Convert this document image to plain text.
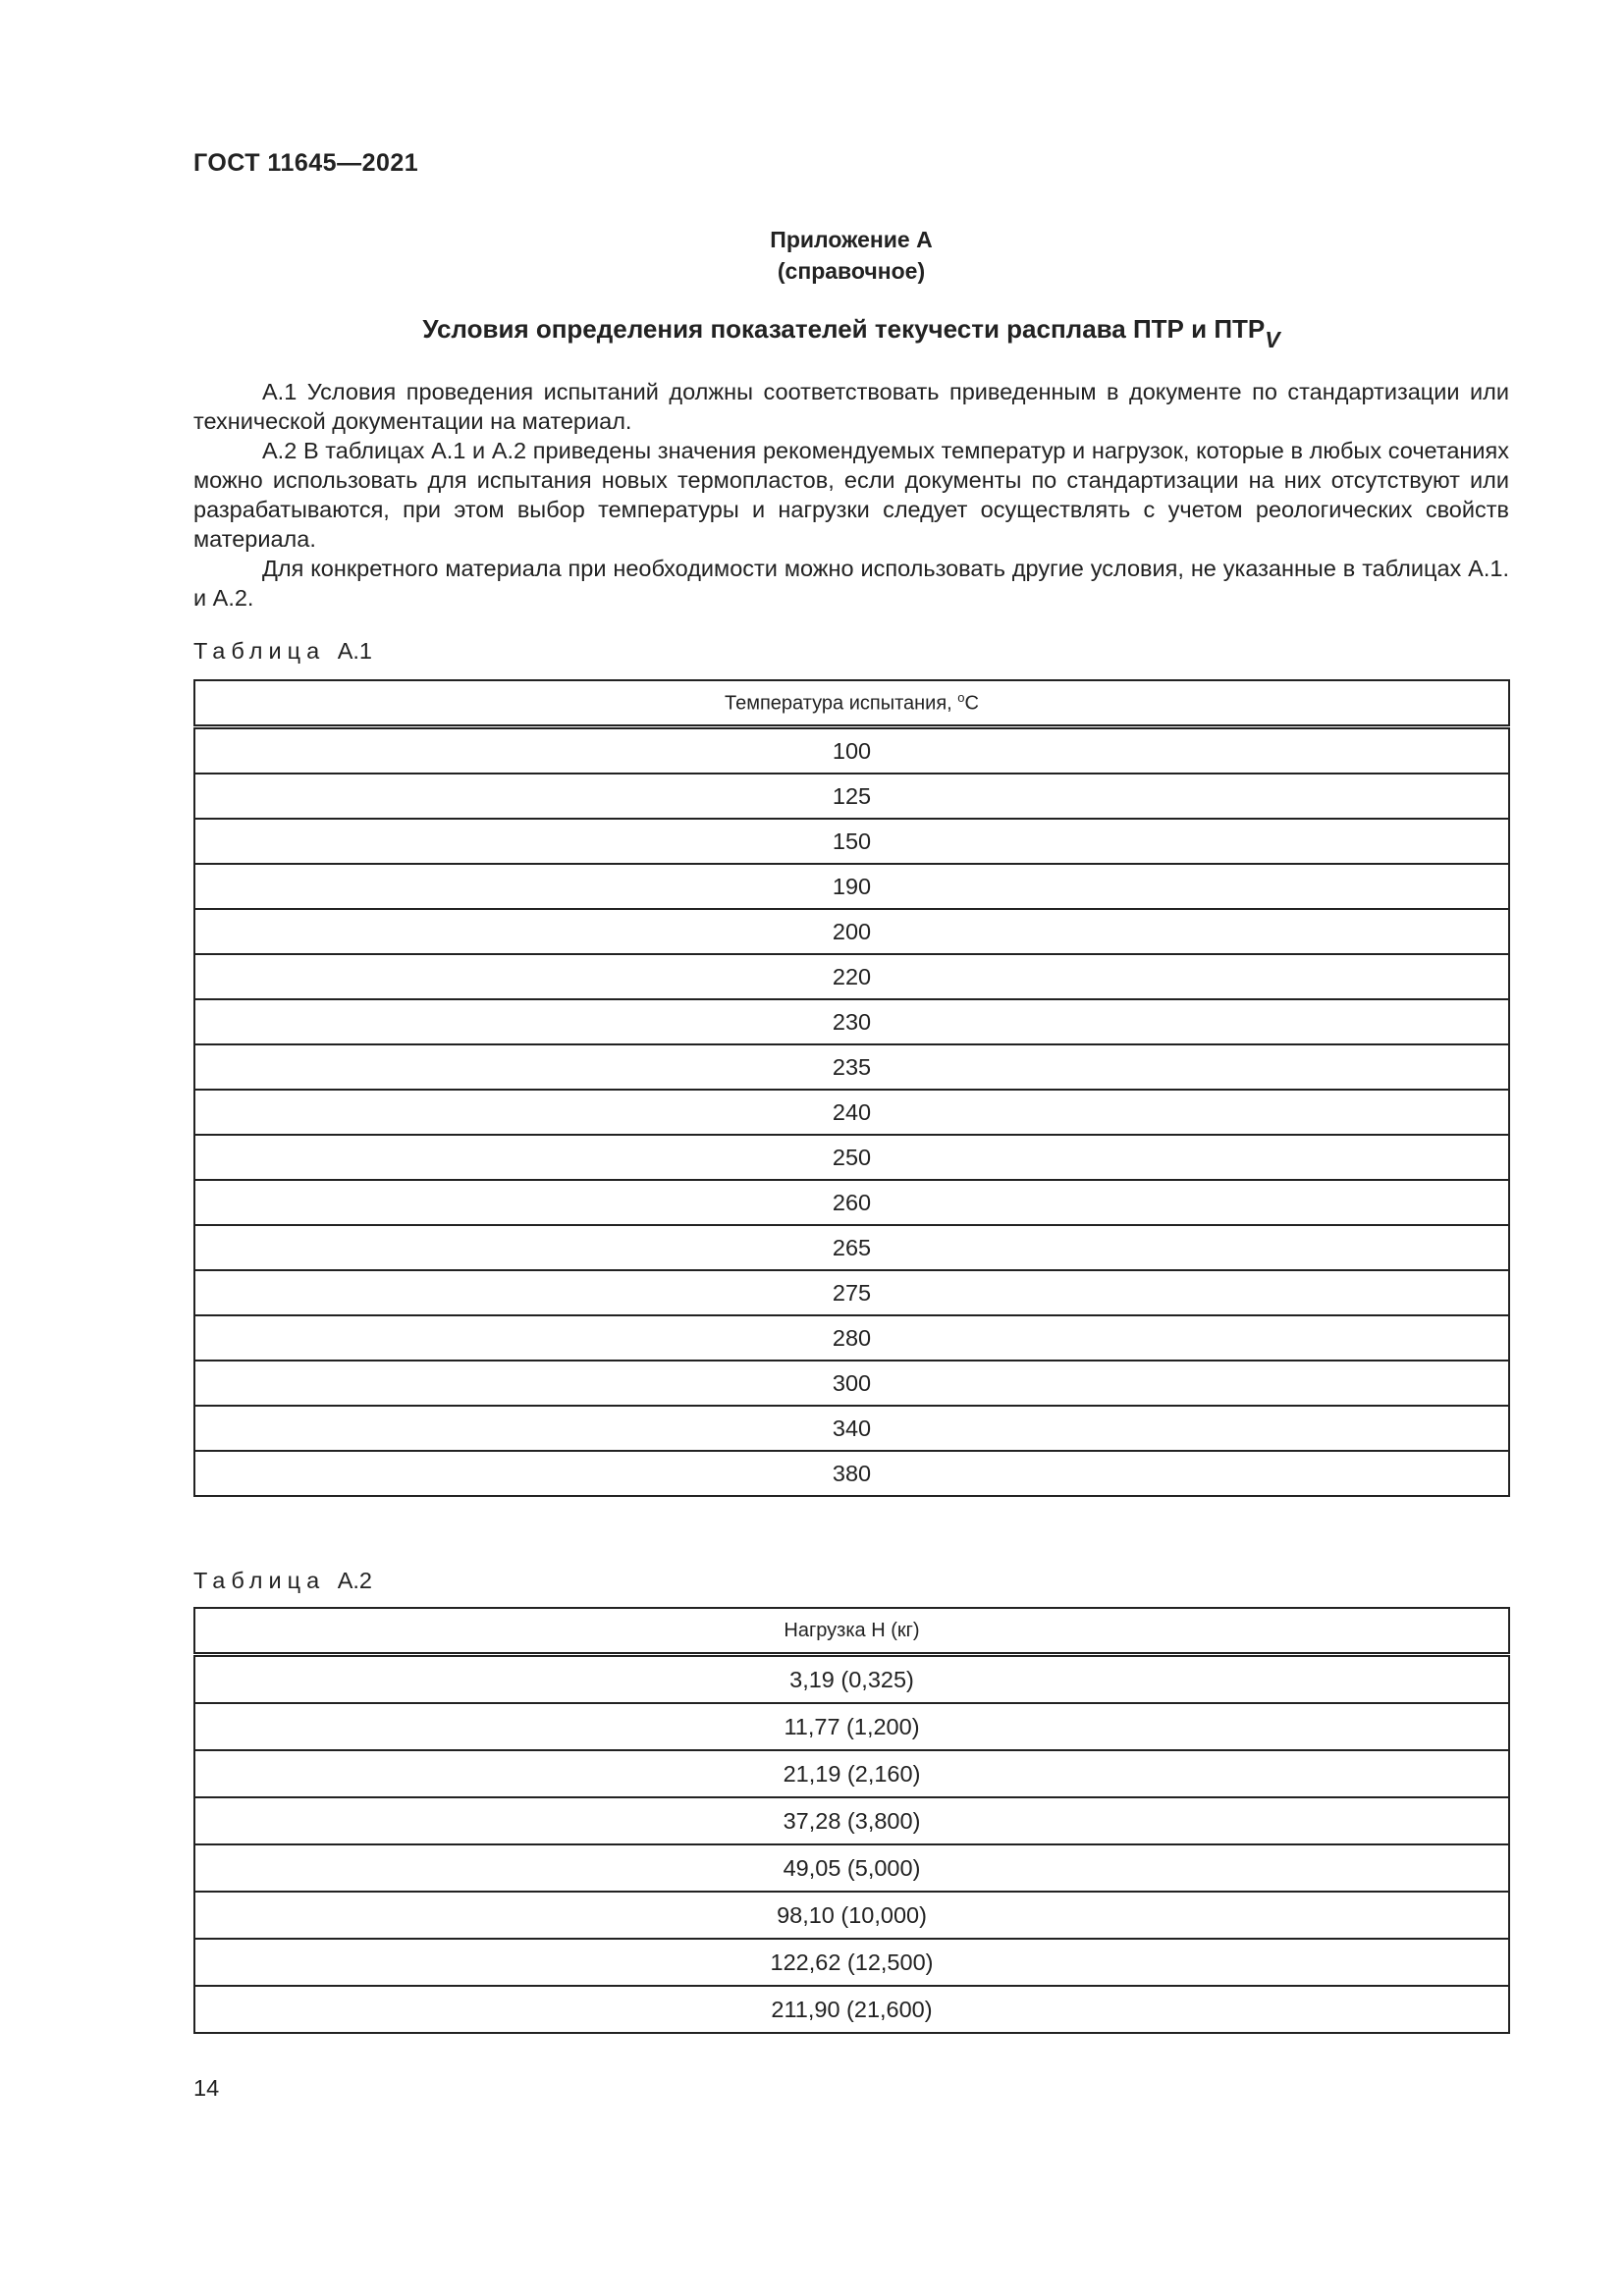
ГОСТ 11645—2021
Приложение А
(справочное)
Условия определения показателей текучести расплава ПТР и ПТРV

А.1 Условия проведения испытаний должны соответствовать приведенным в документе по стандартизации или технической документации на материал.

А.2 В таблицах А.1 и А.2 приведены значения рекомендуемых температур и нагрузок, которые в любых сочетаниях можно использовать для испытания новых термопластов, если документы по стандартизации на них отсутствуют или разрабатываются, при этом выбор температуры и нагрузки следует осуществлять с учетом реологических свойств материала.

Для конкретного материала при необходимости можно использовать другие условия, не указанные в таблицах А.1. и А.2.

Таблица А.1
Температура испытания, $^о$С
100
125
150
190
200
220
230
235
240
250
260
265
275
280
300
340
380
Таблица А.2
Нагрузка Н (кг)
3,19 (0,325)
11,77 (1,200)
21,19 (2,160)
37,28 (3,800)
49,05 (5,000)
98,10 (10,000)
122,62 (12,500)
211,90 (21,600)
14
